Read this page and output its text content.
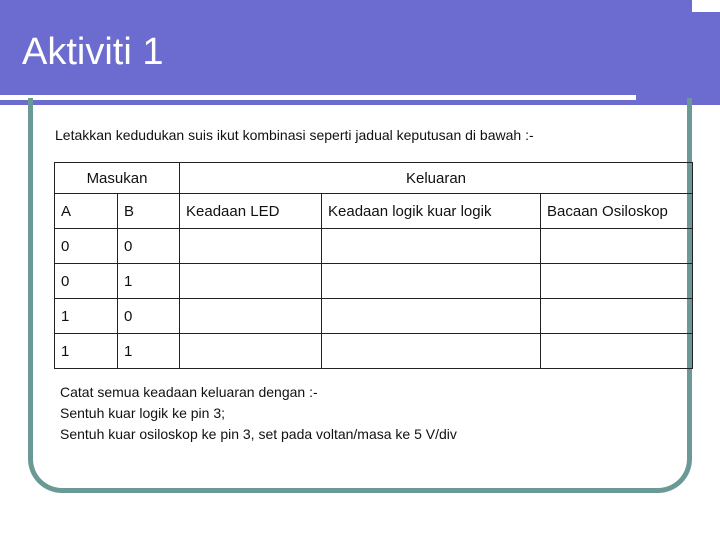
Aktiviti 1
Letakkan kedudukan suis ikut kombinasi seperti jadual keputusan di bawah :-
Masukan		Keluaran		
A	B	Keadaan LED	Keadaan logik kuar logik	Bacaan Osiloskop
0	0			
0	1			
1	0			
1	1			
Catat semua keadaan keluaran dengan :-
Sentuh kuar logik ke pin 3;
Sentuh kuar osiloskop ke pin 3, set pada voltan/masa ke 5 V/div
